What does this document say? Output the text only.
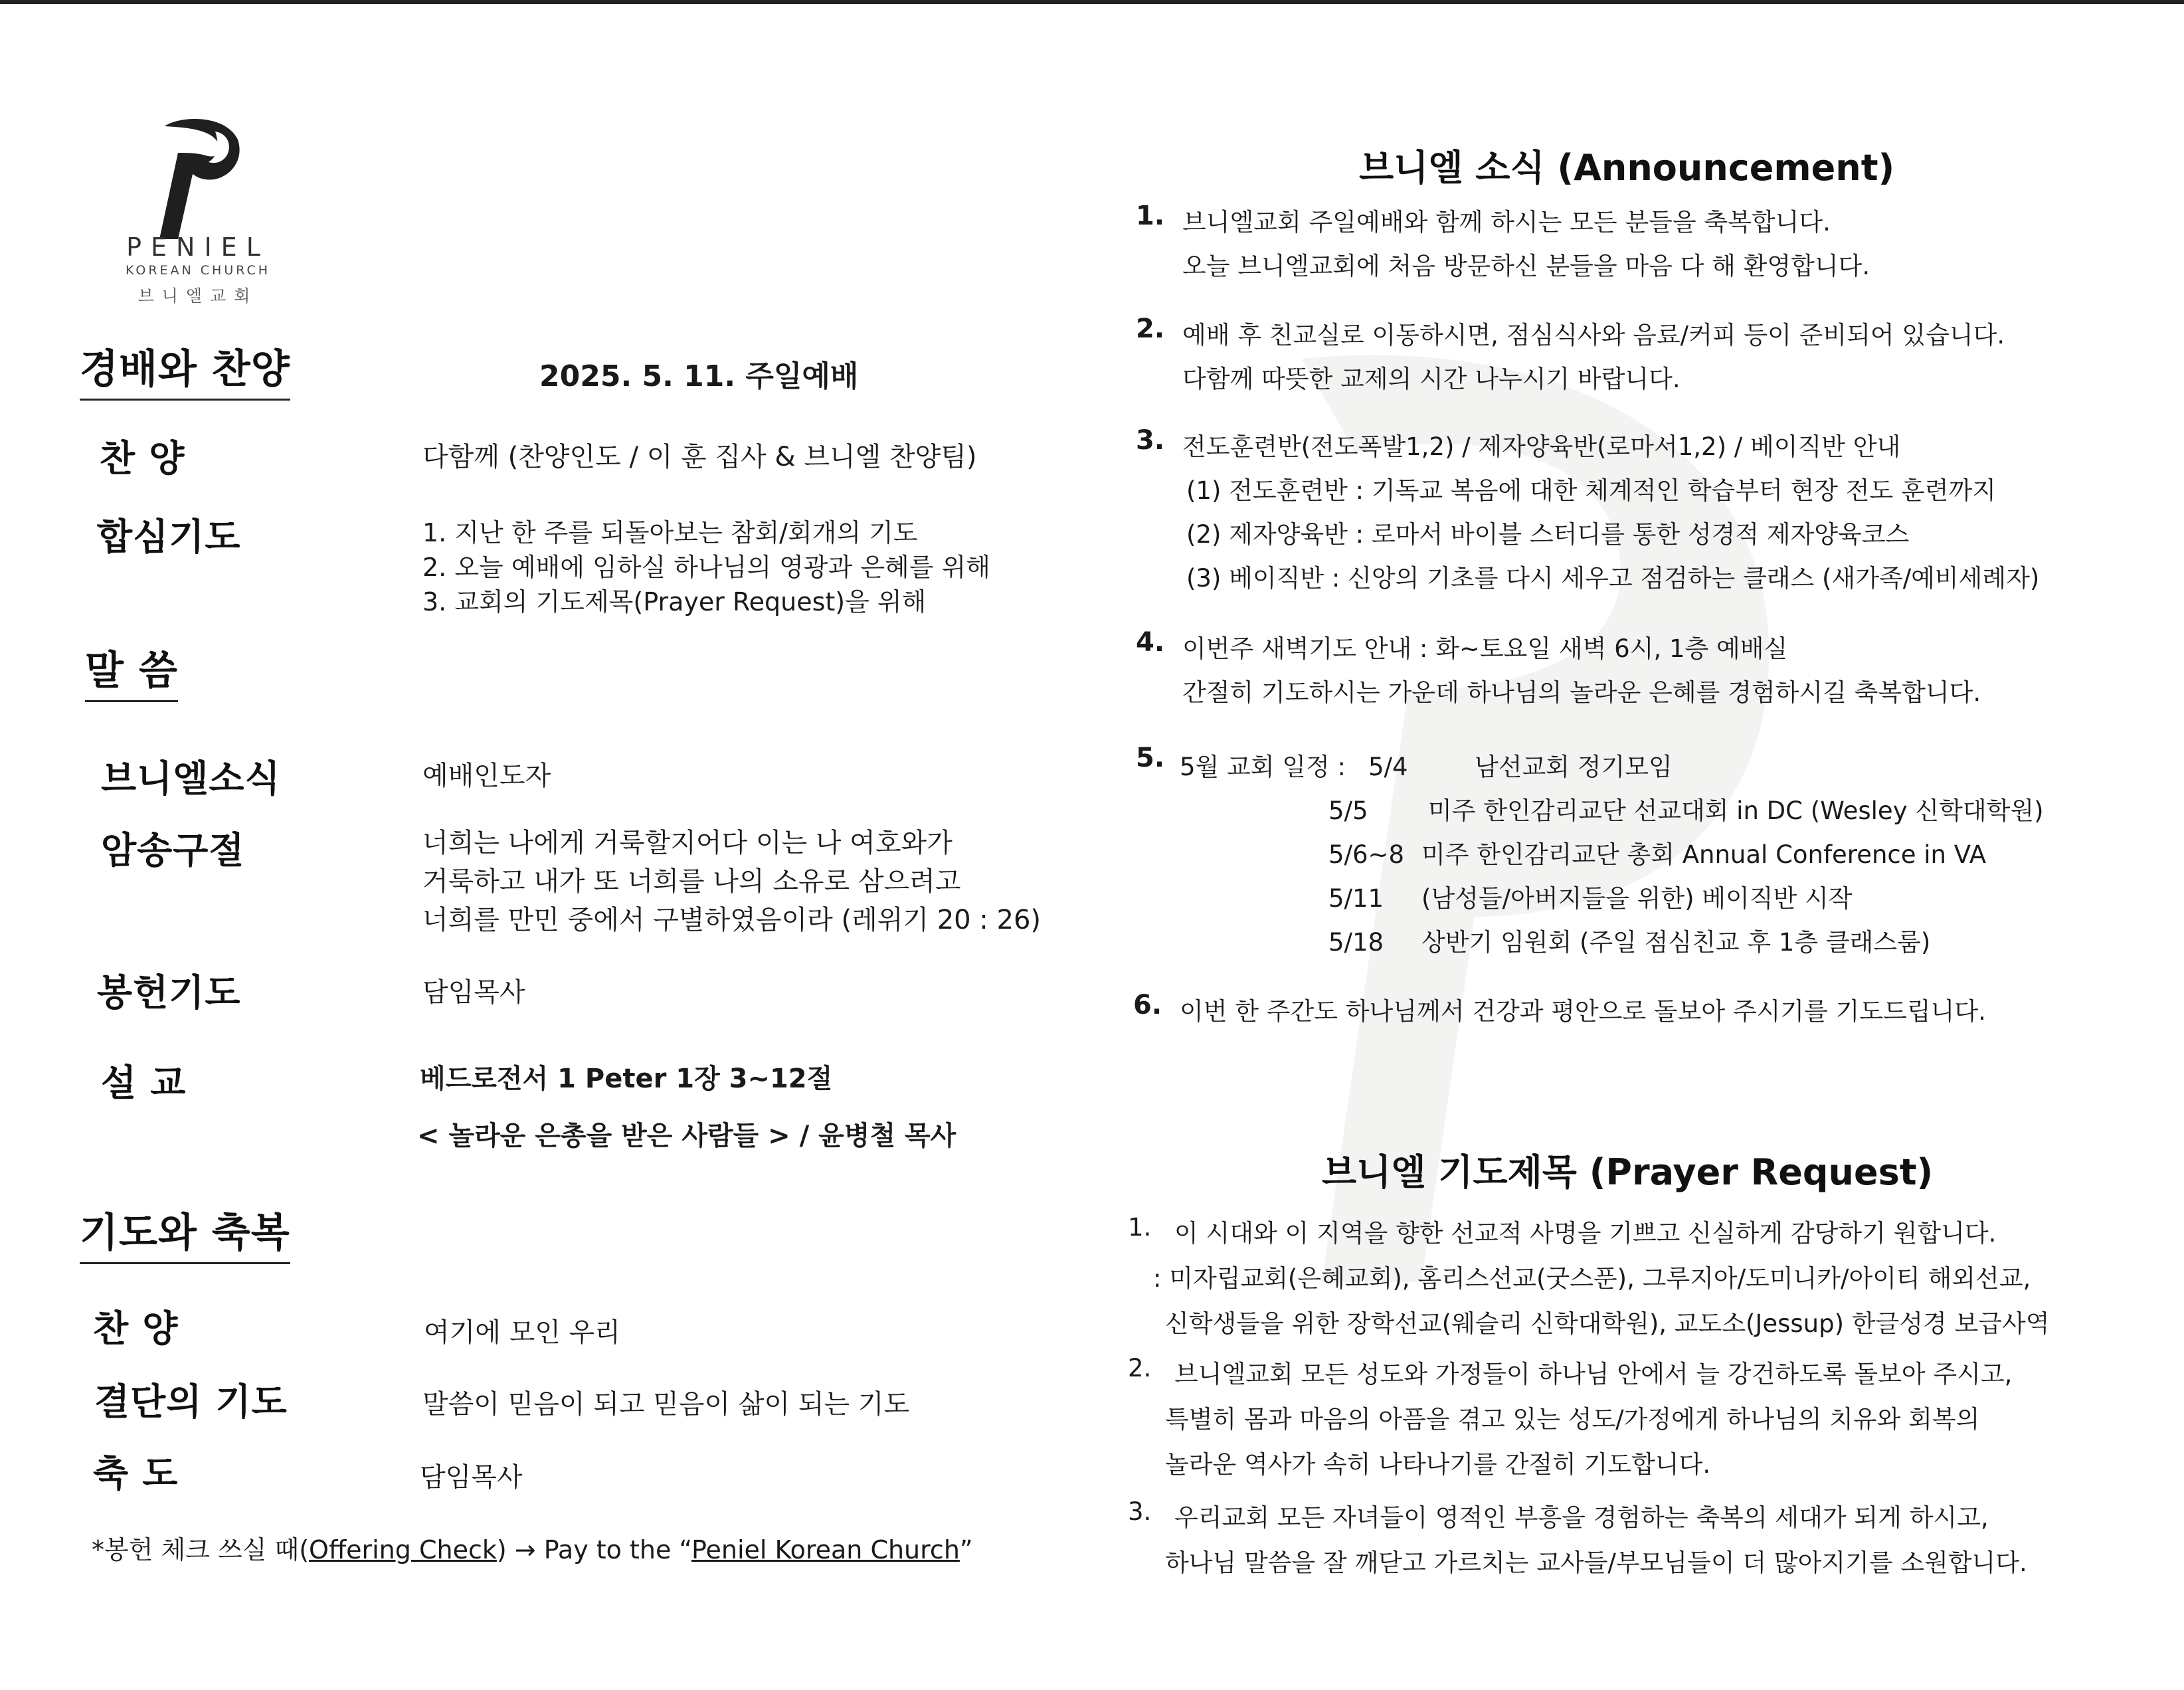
PENIEL
KOREAN CHURCH
브니엘교회
경배와 찬양	2025. 5. 11. 주일예배
찬 양	다함께 (찬양인도 / 이 훈 집사 & 브니엘 찬양팀)
합심기도	1. 지난 한 주를 되돌아보는 참회/회개의 기도
2. 오늘 예배에 임하실 하나님의 영광과 은혜를 위해
3. 교회의 기도제목(Prayer Request)을 위해
말 씀
브니엘소식	예배인도자
암송구절	너희는 나에게 거룩할지어다 이는 나 여호와가
거룩하고 내가 또 너희를 나의 소유로 삼으려고
너희를 만민 중에서 구별하였음이라 (레위기 20 : 26)
봉헌기도	담임목사
설 교	베드로전서 1 Peter 1장 3~12절
< 놀라운 은총을 받은 사람들 > / 윤병철 목사
기도와 축복
찬 양	여기에 모인 우리
결단의 기도	말씀이 믿음이 되고 믿음이 삶이 되는 기도
축 도	담임목사
*봉헌 체크 쓰실 때(Offering Check) → Pay to the “Peniel Korean Church”
브니엘 소식 (Announcement)
1. 브니엘교회 주일예배와 함께 하시는 모든 분들을 축복합니다.
오늘 브니엘교회에 처음 방문하신 분들을 마음 다 해 환영합니다.
2. 예배 후 친교실로 이동하시면, 점심식사와 음료/커피 등이 준비되어 있습니다.
다함께 따뜻한 교제의 시간 나누시기 바랍니다.
3. 전도훈련반(전도폭발1,2) / 제자양육반(로마서1,2) / 베이직반 안내
(1) 전도훈련반 : 기독교 복음에 대한 체계적인 학습부터 현장 전도 훈련까지
(2) 제자양육반 : 로마서 바이블 스터디를 통한 성경적 제자양육코스
(3) 베이직반 : 신앙의 기초를 다시 세우고 점검하는 클래스 (새가족/예비세례자)
4. 이번주 새벽기도 안내 : 화~토요일 새벽 6시, 1층 예배실
간절히 기도하시는 가운데 하나님의 놀라운 은혜를 경험하시길 축복합니다.
5. 5월 교회 일정 : 5/4	남선교회 정기모임
5/5 미주 한인감리교단 선교대회 in DC (Wesley 신학대학원)
5/6~8 미주 한인감리교단 총회 Annual Conference in VA
5/11 (남성들/아버지들을 위한) 베이직반 시작
5/18 상반기 임원회 (주일 점심친교 후 1층 클래스룸)
6. 이번 한 주간도 하나님께서 건강과 평안으로 돌보아 주시기를 기도드립니다.
브니엘 기도제목 (Prayer Request)
1. 이 시대와 이 지역을 향한 선교적 사명을 기쁘고 신실하게 감당하기 원합니다.
: 미자립교회(은혜교회), 홈리스선교(굿스푼), 그루지아/도미니카/아이티 해외선교,
신학생들을 위한 장학선교(웨슬리 신학대학원), 교도소(Jessup) 한글성경 보급사역
2. 브니엘교회 모든 성도와 가정들이 하나님 안에서 늘 강건하도록 돌보아 주시고,
특별히 몸과 마음의 아픔을 겪고 있는 성도/가정에게 하나님의 치유와 회복의
놀라운 역사가 속히 나타나기를 간절히 기도합니다.
3. 우리교회 모든 자녀들이 영적인 부흥을 경험하는 축복의 세대가 되게 하시고,
하나님 말씀을 잘 깨닫고 가르치는 교사들/부모님들이 더 많아지기를 소원합니다.
